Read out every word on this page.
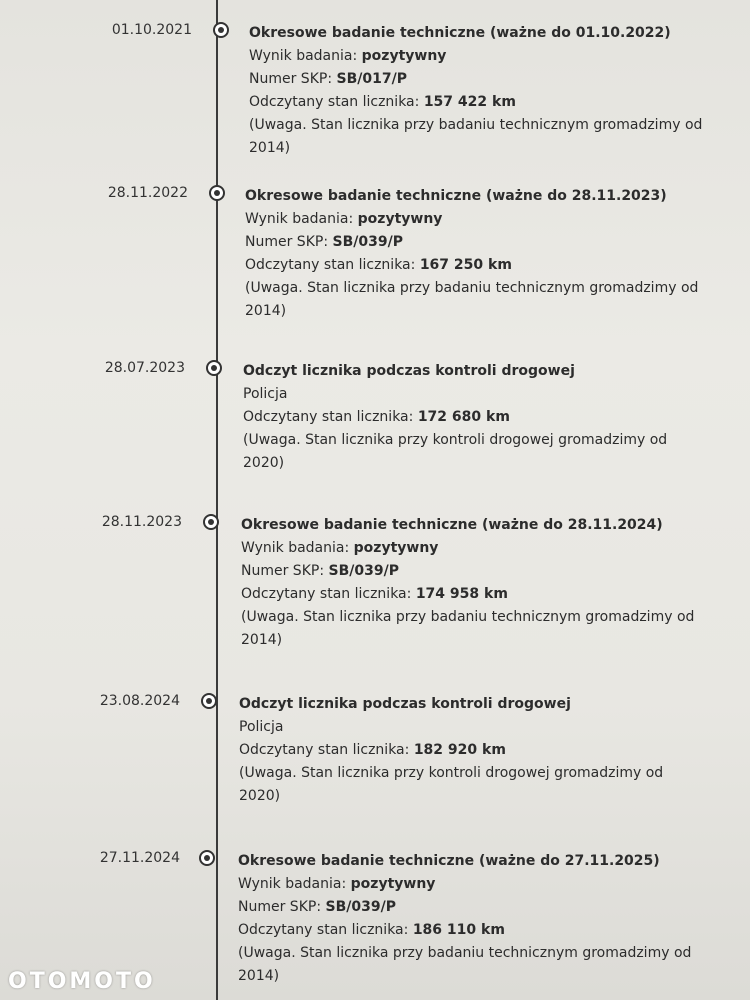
01.10.2021	Okresowe badanie techniczne (ważne do 01.10.2022)
Wynik badania: pozytywny
Numer SKP: SB/017/P
Odczytany stan licznika: 157 422 km
(Uwaga. Stan licznika przy badaniu technicznym gromadzimy od 2014)
28.11.2022	Okresowe badanie techniczne (ważne do 28.11.2023)
Wynik badania: pozytywny
Numer SKP: SB/039/P
Odczytany stan licznika: 167 250 km
(Uwaga. Stan licznika przy badaniu technicznym gromadzimy od 2014)
28.07.2023	Odczyt licznika podczas kontroli drogowej
Policja
Odczytany stan licznika: 172 680 km
(Uwaga. Stan licznika przy kontroli drogowej gromadzimy od 2020)
28.11.2023	Okresowe badanie techniczne (ważne do 28.11.2024)
Wynik badania: pozytywny
Numer SKP: SB/039/P
Odczytany stan licznika: 174 958 km
(Uwaga. Stan licznika przy badaniu technicznym gromadzimy od 2014)
23.08.2024	Odczyt licznika podczas kontroli drogowej
Policja
Odczytany stan licznika: 182 920 km
(Uwaga. Stan licznika przy kontroli drogowej gromadzimy od 2020)
27.11.2024	Okresowe badanie techniczne (ważne do 27.11.2025)
Wynik badania: pozytywny
Numer SKP: SB/039/P
Odczytany stan licznika: 186 110 km
(Uwaga. Stan licznika przy badaniu technicznym gromadzimy od 2014)
OTOMOTO
